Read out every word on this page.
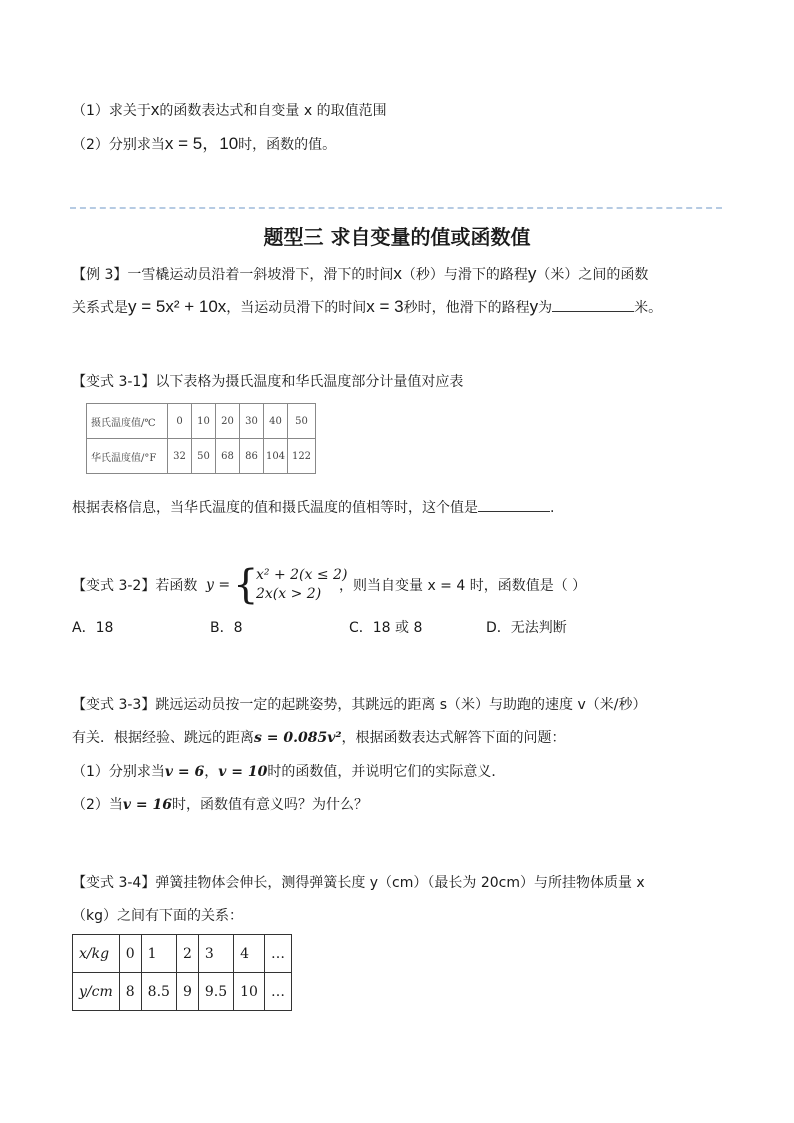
（1）求关于x的函数表达式和自变量 x 的取值范围
（2）分别求当x = 5，10时，函数的值。
题型三 求自变量的值或函数值
【例 3】一雪橇运动员沿着一斜坡滑下，滑下的时间x（秒）与滑下的路程y（米）之间的函数
关系式是y = 5x² + 10x，当运动员滑下的时间x = 3秒时，他滑下的路程y为	米。
【变式 3-1】以下表格为摄氏温度和华氏温度部分计量值对应表
摄氏温度值/℃	0	10	20	30	40	50
华氏温度值/°F	32	50	68	86	104	122
根据表格信息，当华氏温度的值和摄氏温度的值相等时，这个值是	.
【变式 3-2】若函数 y = {
x² + 2(x ≤ 2)
2x(x > 2) ，则当自变量 x = 4 时，函数值是（ ）
A．18	B．8	C．18 或 8	D．无法判断
【变式 3-3】跳远运动员按一定的起跳姿势，其跳远的距离 s（米）与助跑的速度 v（米/秒）
有关．根据经验、跳远的距离s = 0.085v²，根据函数表达式解答下面的问题：
（1）分别求当v = 6，v = 10时的函数值，并说明它们的实际意义．
（2）当v = 16时，函数值有意义吗？为什么？
【变式 3-4】弹簧挂物体会伸长，测得弹簧长度 y（cm）（最长为 20cm）与所挂物体质量 x
（kg）之间有下面的关系：
x/kg	0	1	2	3	4	…
y/cm	8	8.5	9	9.5	10	…
